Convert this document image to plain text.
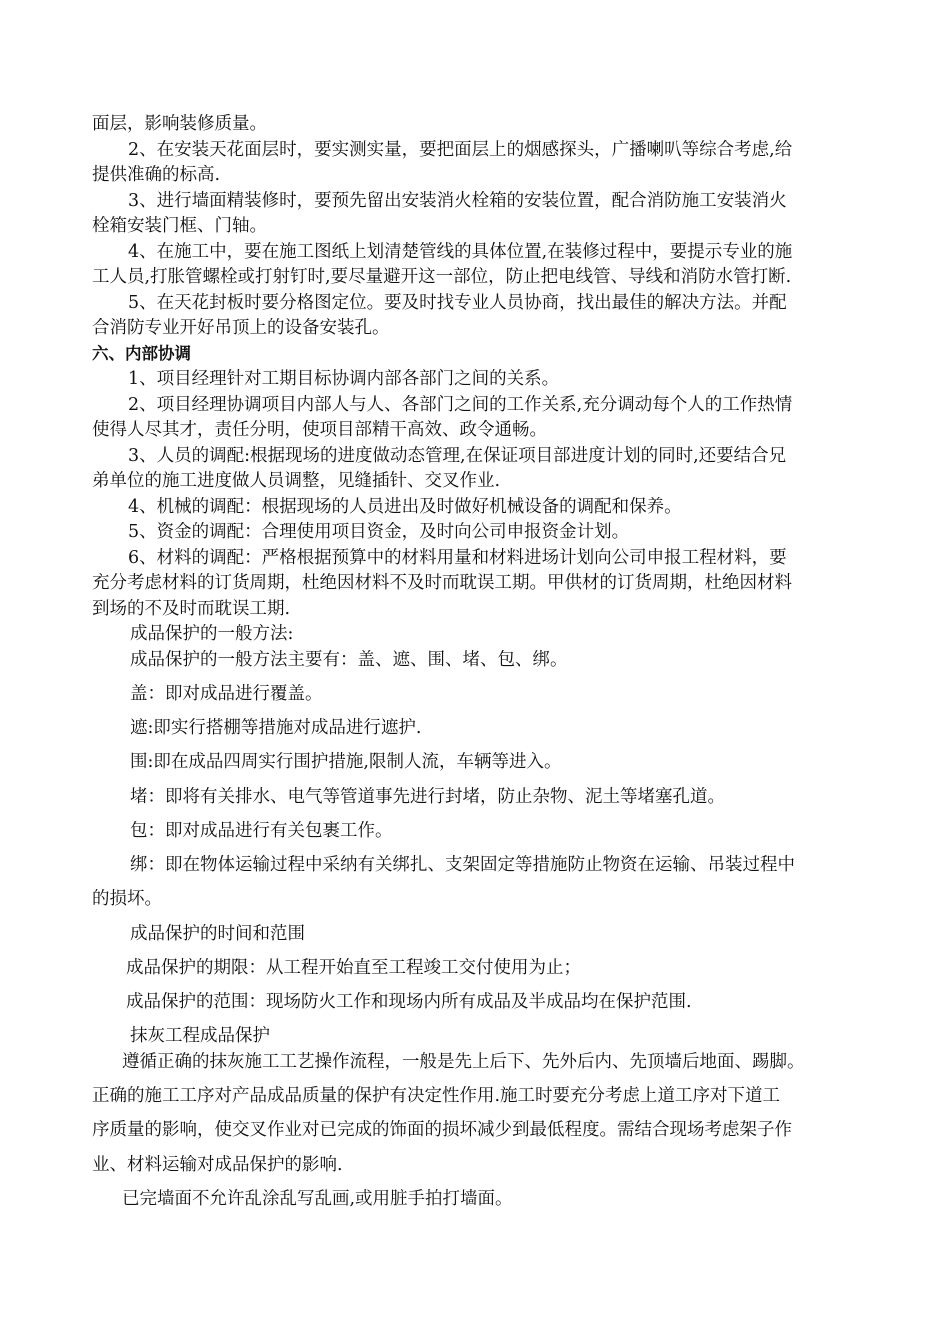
面层，影响装修质量。
2、在安装天花面层时，要实测实量，要把面层上的烟感探头，广播喇叭等综合考虑,给
提供准确的标高.
3、进行墙面精装修时，要预先留出安装消火栓箱的安装位置，配合消防施工安装消火
栓箱安装门框、门轴。
4、在施工中，要在施工图纸上划清楚管线的具体位置,在装修过程中，要提示专业的施
工人员,打胀管螺栓或打射钉时,要尽量避开这一部位，防止把电线管、导线和消防水管打断.
5、在天花封板时要分格图定位。要及时找专业人员协商，找出最佳的解决方法。并配
合消防专业开好吊顶上的设备安装孔。
六、内部协调
1、项目经理针对工期目标协调内部各部门之间的关系。
2、项目经理协调项目内部人与人、各部门之间的工作关系,充分调动每个人的工作热情
使得人尽其才，责任分明，使项目部精干高效、政令通畅。
3、人员的调配:根据现场的进度做动态管理,在保证项目部进度计划的同时,还要结合兄
弟单位的施工进度做人员调整，见缝插针、交叉作业.
4、机械的调配：根据现场的人员进出及时做好机械设备的调配和保养。
5、资金的调配：合理使用项目资金，及时向公司申报资金计划。
6、材料的调配：严格根据预算中的材料用量和材料进场计划向公司申报工程材料，要
充分考虑材料的订货周期，杜绝因材料不及时而耽误工期。甲供材的订货周期，杜绝因材料
到场的不及时而耽误工期.
成品保护的一般方法:
成品保护的一般方法主要有：盖、遮、围、堵、包、绑。
盖：即对成品进行覆盖。
遮:即实行搭棚等措施对成品进行遮护.
围:即在成品四周实行围护措施,限制人流，车辆等进入。
堵：即将有关排水、电气等管道事先进行封堵，防止杂物、泥土等堵塞孔道。
包：即对成品进行有关包裹工作。
绑：即在物体运输过程中采纳有关绑扎、支架固定等措施防止物资在运输、吊装过程中
的损坏。
成品保护的时间和范围
成品保护的期限：从工程开始直至工程竣工交付使用为止；
成品保护的范围：现场防火工作和现场内所有成品及半成品均在保护范围.
抹灰工程成品保护
遵循正确的抹灰施工工艺操作流程，一般是先上后下、先外后内、先顶墙后地面、踢脚。
正确的施工工序对产品成品质量的保护有决定性作用.施工时要充分考虑上道工序对下道工
序质量的影响，使交叉作业对已完成的饰面的损坏减少到最低程度。需结合现场考虑架子作
业、材料运输对成品保护的影响.
已完墙面不允许乱涂乱写乱画,或用脏手拍打墙面。
